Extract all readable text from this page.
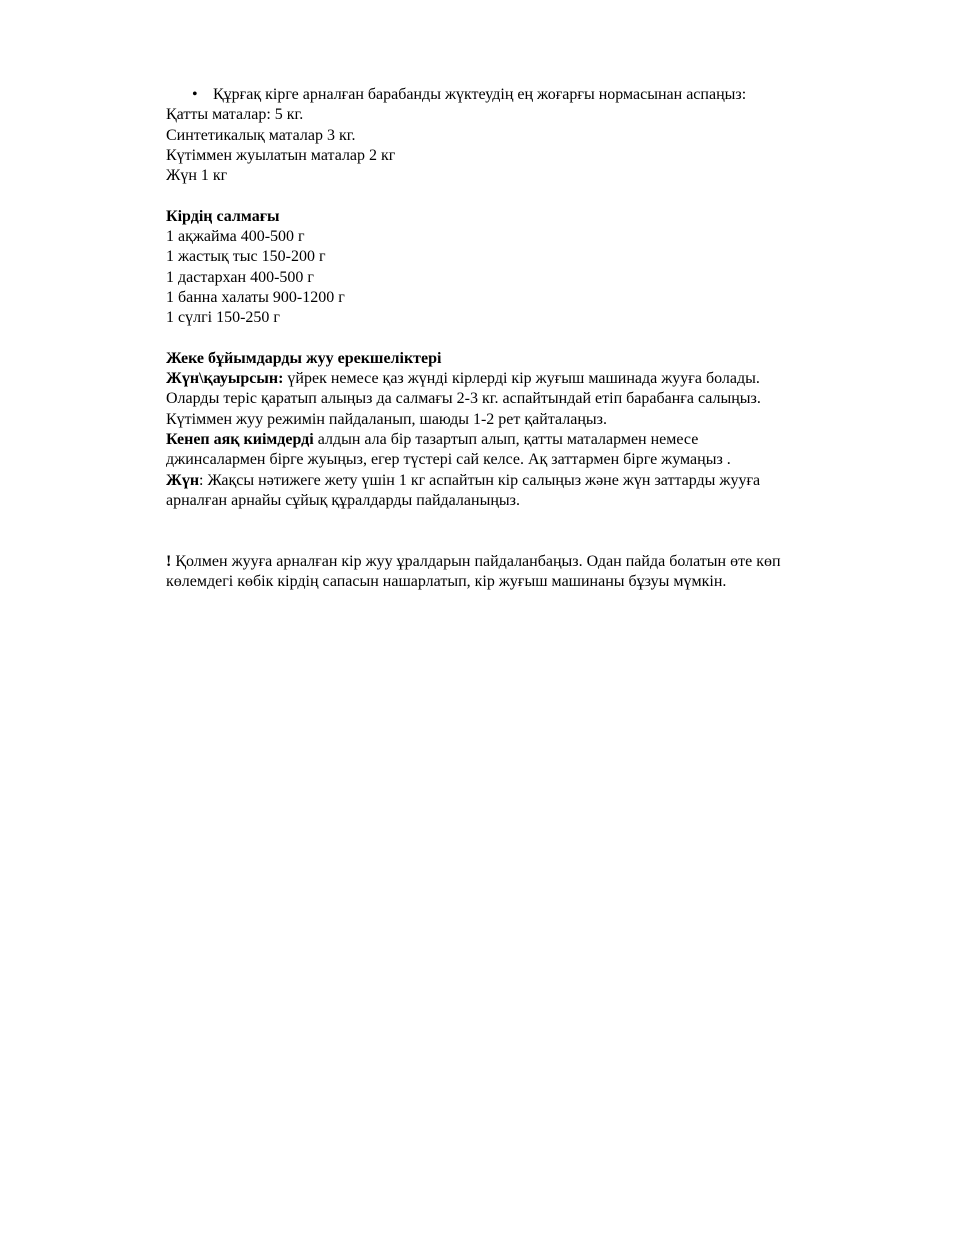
• Құрғақ кірге арналған барабанды жүктеудің ең жоғарғы нормасынан аспаңыз:
Қатты маталар: 5 кг.
Синтетикалық маталар 3 кг.
Күтіммен жуылатын маталар 2 кг
Жүн 1 кг
Кірдің салмағы
1 ақжайма 400-500 г
1 жастық тыс 150-200 г
1 дастархан 400-500 г
1 банна халаты 900-1200 г
1 сүлгі 150-250 г
Жеке бұйымдарды жуу ерекшеліктері
Жүн\қауырсын: үйрек немесе қаз жүнді кірлерді кір жуғыш машинада жууға болады.
Оларды теріс қаратып алыңыз да салмағы 2-3 кг. аспайтындай етіп барабанға салыңыз.
Күтіммен жуу режимін пайдаланып, шаюды 1-2 рет қайталаңыз.
Кенеп аяқ киімдерді алдын ала бір тазартып алып, қатты маталармен немесе
джинсалармен бірге жуыңыз, егер түстері сай келсе. Ақ заттармен бірге жумаңыз .
Жүн: Жақсы нәтижеге жету үшін 1 кг аспайтын кір салыңыз және жүн заттарды жууға
арналған арнайы сұйық құралдарды пайдаланыңыз.
! Қолмен жууға арналған кір жуу ұралдарын пайдаланбаңыз. Одан пайда болатын өте көп
көлемдегі көбік кірдің сапасын нашарлатып, кір жуғыш машинаны бұзуы мүмкін.
